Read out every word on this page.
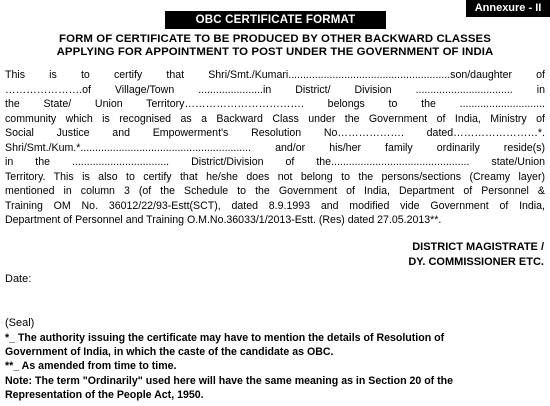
Annexure - II
OBC CERTIFICATE FORMAT
FORM OF CERTIFICATE TO BE PRODUCED BY OTHER BACKWARD CLASSES
APPLYING FOR APPOINTMENT TO POST UNDER THE GOVERNMENT OF INDIA

This is to certify that Shri/Smt./Kumari.......................................................son/daughter of

………………….of Village/Town ......................in District/ Division ................................. in

the State/ Union Territory……………………………. belongs to the .............................

community which is recognised as a Backward Class under the Government of India, Ministry of

Social Justice and Empowerment's Resolution No………………. dated……………………*.

Shri/Smt./Kum.*.......................................................... and/or his/her family ordinarily reside(s)

in the ................................. District/Division of the............................................... state/Union

Territory. This is also to certify that he/she does not belong to the persons/sections (Creamy layer)

mentioned in column 3 (of the Schedule to the Government of India, Department of Personnel &

Training OM No. 36012/22/93-Estt(SCT), dated 8.9.1993 and modified vide Government of India,

Department of Personnel and Training O.M.No.36033/1/2013-Estt. (Res) dated 27.05.2013**.

DISTRICT MAGISTRATE /
DY. COMMISSIONER ETC.
Date:
(Seal)
*_ The authority issuing the certificate may have to mention the details of Resolution of
Government of India, in which the caste of the candidate as OBC.
**_ As amended from time to time.
Note: The term "Ordinarily" used here will have the same meaning as in Section 20 of the
Representation of the People Act, 1950.
